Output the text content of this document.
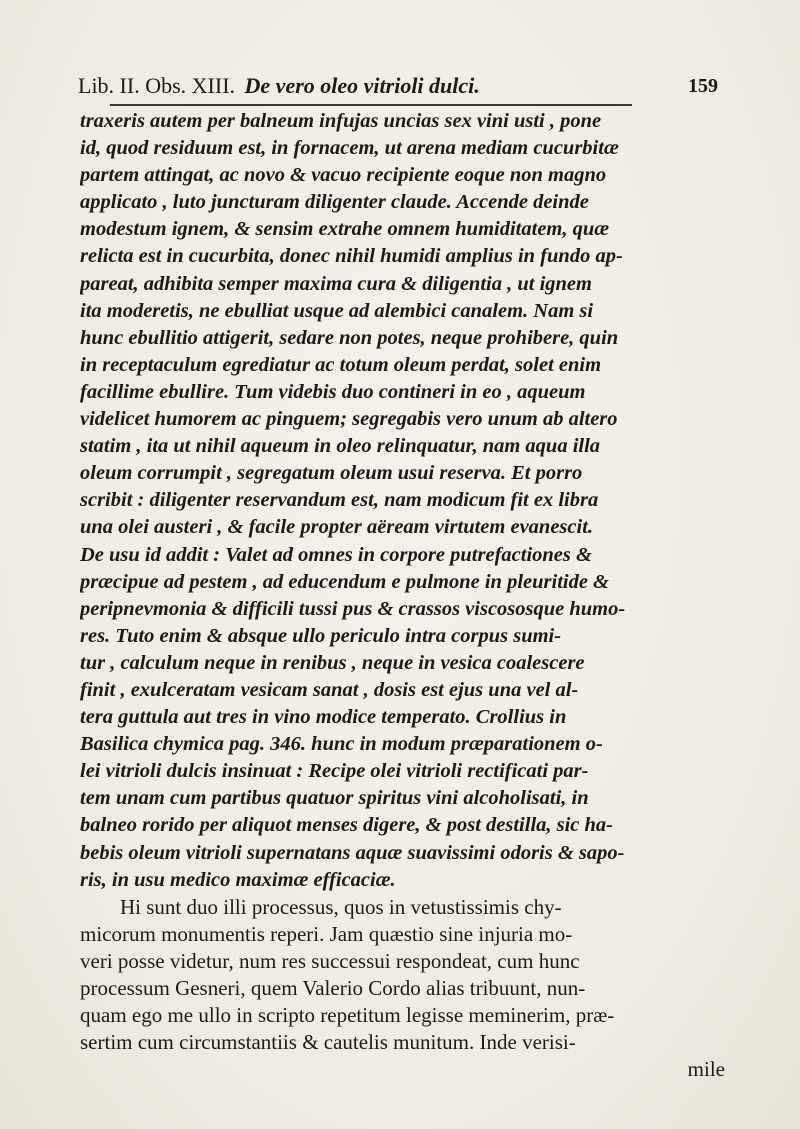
Lib. II. Obs. XIII. De vero oleo vitrioli dulci.	159
traxeris autem per balneum infujas uncias sex vini usti , pone
id, quod residuum est, in fornacem, ut arena mediam cucurbitæ
partem attingat, ac novo & vacuo recipiente eoque non magno
applicato , luto juncturam diligenter claude. Accende deinde
modestum ignem, & sensim extrahe omnem humiditatem, quæ
relicta est in cucurbita, donec nihil humidi amplius in fundo ap-
pareat, adhibita semper maxima cura & diligentia , ut ignem
ita moderetis, ne ebulliat usque ad alembici canalem. Nam si
hunc ebullitio attigerit, sedare non potes, neque prohibere, quin
in receptaculum egrediatur ac totum oleum perdat, solet enim
facillime ebullire. Tum videbis duo contineri in eo , aqueum
videlicet humorem ac pinguem; segregabis vero unum ab altero
statim , ita ut nihil aqueum in oleo relinquatur, nam aqua illa
oleum corrumpit , segregatum oleum usui reserva. Et porro
scribit : diligenter reservandum est, nam modicum fit ex libra
una olei austeri , & facile propter aëream virtutem evanescit.
De usu id addit : Valet ad omnes in corpore putrefactiones &
præcipue ad pestem , ad educendum e pulmone in pleuritide &
peripnevmonia & difficili tussi pus & crassos viscososque humo-
res. Tuto enim & absque ullo periculo intra corpus sumi-
tur , calculum neque in renibus , neque in vesica coalescere
finit , exulceratam vesicam sanat , dosis est ejus una vel al-
tera guttula aut tres in vino modice temperato. Crollius in
Basilica chymica pag. 346. hunc in modum præparationem o-
lei vitrioli dulcis insinuat : Recipe olei vitrioli rectificati par-
tem unam cum partibus quatuor spiritus vini alcoholisati, in
balneo rorido per aliquot menses digere, & post destilla, sic ha-
bebis oleum vitrioli supernatans aquæ suavissimi odoris & sapo-
ris, in usu medico maximæ efficaciæ.
Hi sunt duo illi processus, quos in vetustissimis chy-
micorum monumentis reperi. Jam quæstio sine injuria mo-
veri posse videtur, num res successui respondeat, cum hunc
processum Gesneri, quem Valerio Cordo alias tribuunt, nun-
quam ego me ullo in scripto repetitum legisse meminerim, præ-
sertim cum circumstantiis & cautelis munitum. Inde verisi-
mile
